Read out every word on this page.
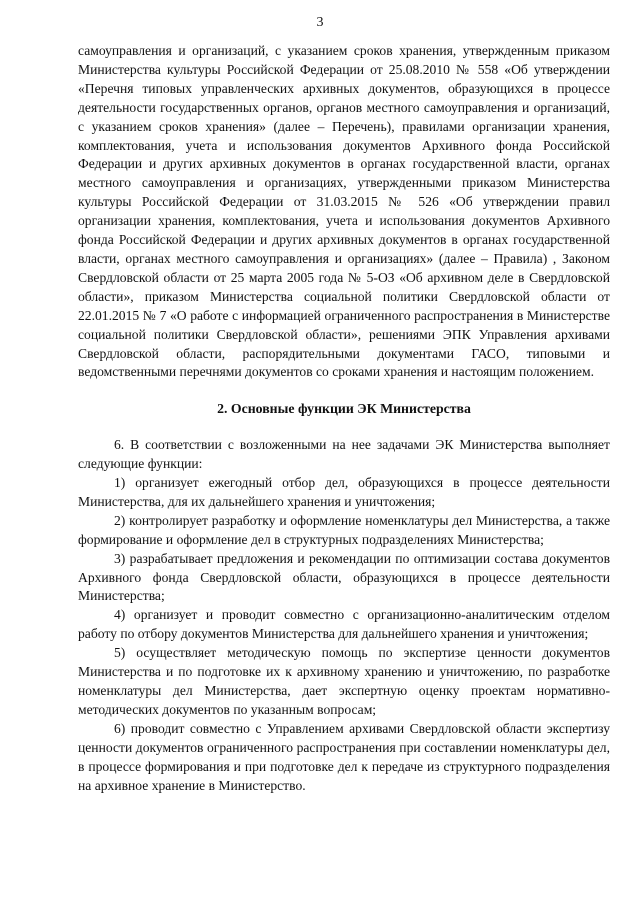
3

самоуправления и организаций, с указанием сроков хранения, утвержденным приказом Министерства культуры Российской Федерации от 25.08.2010 № 558 «Об утверждении «Перечня типовых управленческих архивных документов, образующихся в процессе деятельности государственных органов, органов местного самоуправления и организаций, с указанием сроков хранения» (далее – Перечень), правилами организации хранения, комплектования, учета и использования документов Архивного фонда Российской Федерации и других архивных документов в органах государственной власти, органах местного самоуправления и организациях, утвержденными приказом Министерства культуры Российской Федерации от 31.03.2015 № 526 «Об утверждении правил организации хранения, комплектования, учета и использования документов Архивного фонда Российской Федерации и других архивных документов в органах государственной власти, органах местного самоуправления и организациях» (далее – Правила) , Законом Свердловской области от 25 марта 2005 года № 5-ОЗ «Об архивном деле в Свердловской области», приказом Министерства социальной политики Свердловской области от 22.01.2015 № 7 «О работе с информацией ограниченного распространения в Министерстве социальной политики Свердловской области», решениями ЭПК Управления архивами Свердловской области, распорядительными документами ГАСО, типовыми и ведомственными перечнями документов со сроками хранения и настоящим положением.

2. Основные функции ЭК Министерства

6. В соответствии с возложенными на нее задачами ЭК Министерства выполняет следующие функции:

1) организует ежегодный отбор дел, образующихся в процессе деятельности Министерства, для их дальнейшего хранения и уничтожения;

2) контролирует разработку и оформление номенклатуры дел Министерства, а также формирование и оформление дел в структурных подразделениях Министерства;

3) разрабатывает предложения и рекомендации по оптимизации состава документов Архивного фонда Свердловской области, образующихся в процессе деятельности Министерства;

4) организует и проводит совместно с организационно-аналитическим отделом работу по отбору документов Министерства для дальнейшего хранения и уничтожения;

5) осуществляет методическую помощь по экспертизе ценности документов Министерства и по подготовке их к архивному хранению и уничтожению, по разработке номенклатуры дел Министерства, дает экспертную оценку проектам нормативно-методических документов по указанным вопросам;

6) проводит совместно с Управлением архивами Свердловской области экспертизу ценности документов ограниченного распространения при составлении номенклатуры дел, в процессе формирования и при подготовке дел к передаче из структурного подразделения на архивное хранение в Министерство.
